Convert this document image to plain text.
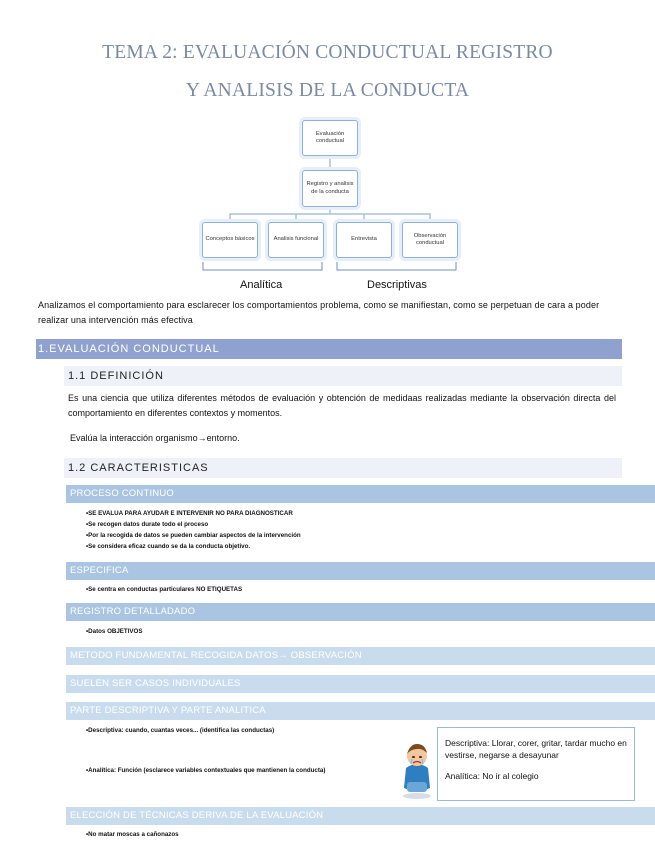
TEMA 2: EVALUACIÓN CONDUCTUAL REGISTRO
Y ANALISIS DE LA CONDUCTA
Evaluación conductual
Registro y analisis de la conducta
Conceptos básicos	Analisis funcional	Entrevista
Observación conductual
Analítica	Descriptivas
Analizamos el comportamiento para esclarecer los comportamientos problema, como se manifiestan, como se perpetuan de cara a poder realizar una intervención más efectiva
1.EVALUACIÓN CONDUCTUAL
1.1 DEFINICIÓN
Es una ciencia que utiliza diferentes métodos de evaluación y obtención de medidaas realizadas mediante la observación directa del comportamiento en diferentes contextos y momentos.
Evalúa la interacción organismo→entorno.
1.2 CARACTERISTICAS
PROCESO CONTINUO
•SE EVALUA PARA AYUDAR E INTERVENIR NO PARA DIAGNOSTICAR
•Se recogen datos durate todo el proceso
•Por la recogida de datos se pueden cambiar aspectos de la intervención
•Se considera eficaz cuando se da la conducta objetivo.
ESPECIFICA
•Se centra en conductas particulares NO ETIQUETAS
REGISTRO DETALLADADO
•Datos OBJETIVOS
METODO FUNDAMENTAL RECOGIDA DATOS→ OBSERVACIÓN
SUELEN SER CASOS INDIVIDUALES
PARTE DESCRIPTIVA Y PARTE ANALITICA
•Descriptiva: cuando, cuantas veces... (identifica las conductas)
•Analítica: Función (esclarece variables contextuales que mantienen la conducta)

Descriptiva: Llorar, corer, gritar, tardar mucho en vestirse, negarse a desayunar

Analítica: No ir al colegio

ELECCIÓN DE TÉCNICAS DERIVA DE LA EVALUACIÓN
•No matar moscas a cañonazos
